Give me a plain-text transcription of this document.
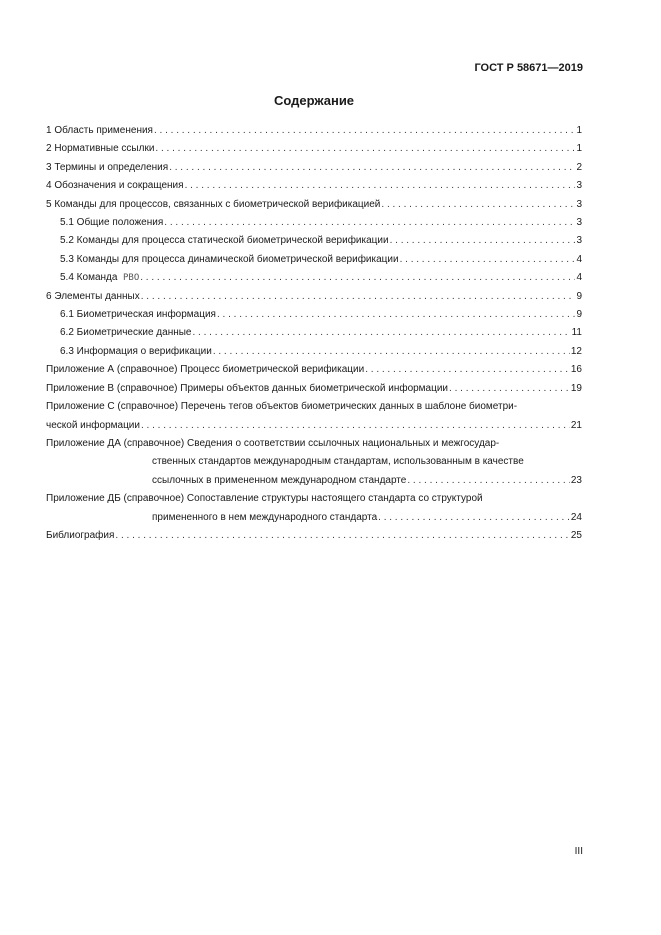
ГОСТ Р 58671—2019
Содержание
1 Область применения . . .	1
2 Нормативные ссылки . . .	1
3 Термины и определения . . .	2
4 Обозначения и сокращения . . .	3
5 Команды для процессов, связанных с биометрической верификацией . . .	3
5.1 Общие положения . . .	3
5.2 Команды для процесса статической биометрической верификации . . .	3
5.3 Команды для процесса динамической биометрической верификации . . .	4
5.4 Команда PBO . . .	4
6 Элементы данных . . .	9
6.1 Биометрическая информация . . .	9
6.2 Биометрические данные . . .	11
6.3 Информация о верификации . . .	12
Приложение А (справочное) Процесс биометрической верификации . . .	16
Приложение В (справочное) Примеры объектов данных биометрической информации . . .	19
Приложение С (справочное) Перечень тегов объектов биометрических данных в шаблоне биометри-
ческой информации . . .	21
Приложение ДА (справочное) Сведения о соответствии ссылочных национальных и межгосудар-
ственных стандартов международным стандартам, использованным в качестве
ссылочных в примененном международном стандарте . . .	23
Приложение ДБ (справочное) Сопоставление структуры настоящего стандарта со структурой
примененного в нем международного стандарта . . .	24
Библиография . . .	25
III
